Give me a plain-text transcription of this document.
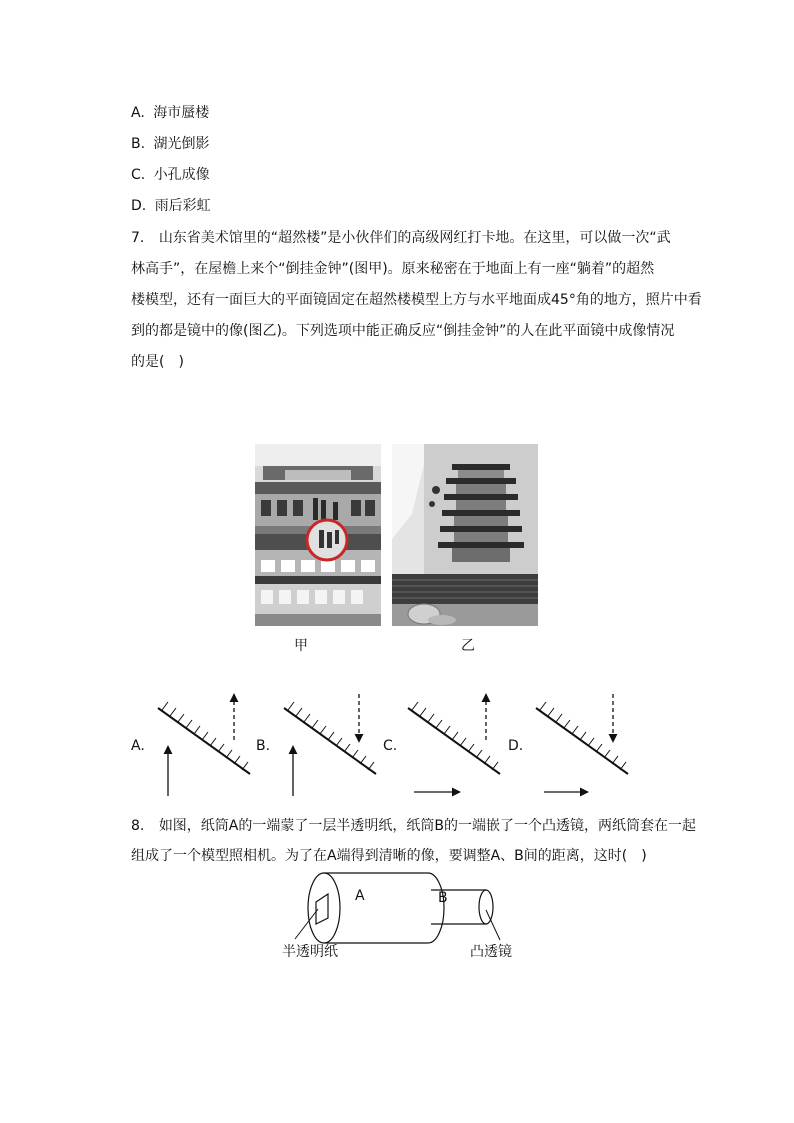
A. 海市蜃楼
B. 湖光倒影
C. 小孔成像
D. 雨后彩虹
7. 山东省美术馆里的“超然楼”是小伙伴们的高级网红打卡地。在这里，可以做一次“武
林高手”，在屋檐上来个“倒挂金钟”(图甲)。原来秘密在于地面上有一座“躺着”的超然
楼模型，还有一面巨大的平面镜固定在超然楼模型上方与水平地面成45°角的地方，照片中看
到的都是镜中的像(图乙)。下列选项中能正确反应“倒挂金钟”的人在此平面镜中成像情况
的是(　)
甲	乙
A.	B.	C.	D.
8. 如图，纸筒A的一端蒙了一层半透明纸，纸筒B的一端嵌了一个凸透镜，两纸筒套在一起
组成了一个模型照相机。为了在A端得到清晰的像，要调整A、B间的距离，这时(　)
A	B
半透明纸	凸透镜
